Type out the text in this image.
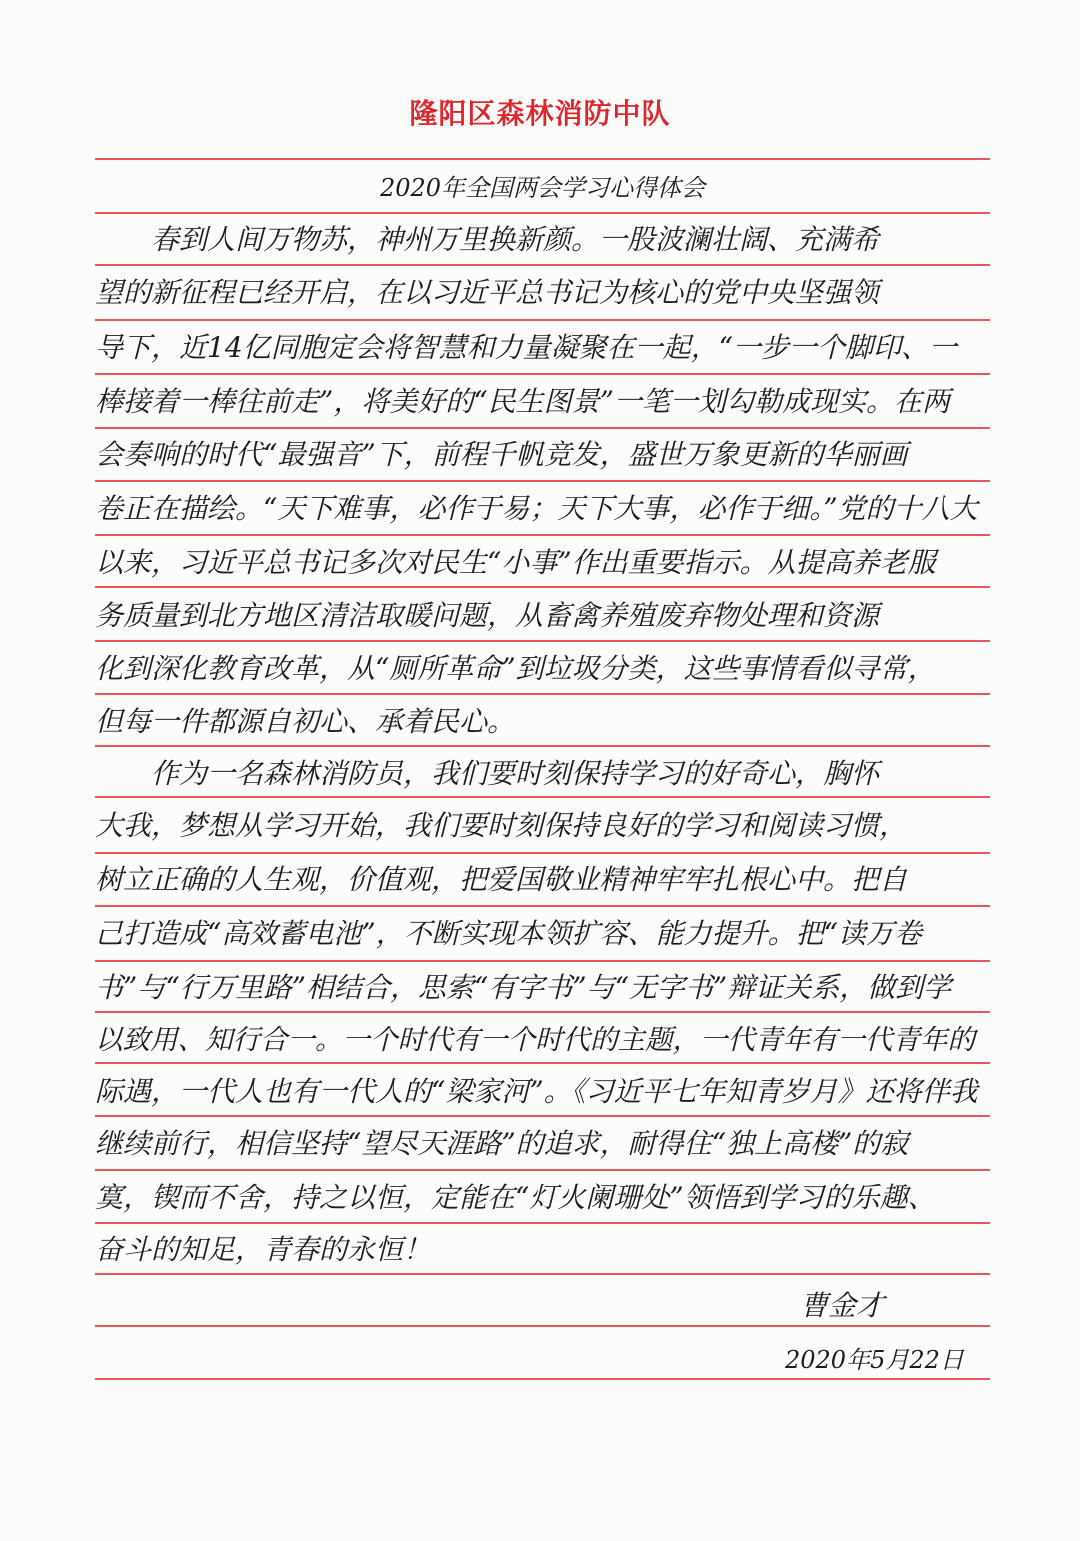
隆阳区森林消防中队
2020年全国两会学习心得体会
　　春到人间万物苏，神州万里换新颜。一股波澜壮阔、充满希
望的新征程已经开启，在以习近平总书记为核心的党中央坚强领
导下，近14亿同胞定会将智慧和力量凝聚在一起，“一步一个脚印、一
棒接着一棒往前走”，将美好的“民生图景”一笔一划勾勒成现实。在两
会奏响的时代“最强音”下，前程千帆竞发，盛世万象更新的华丽画
卷正在描绘。“天下难事，必作于易；天下大事，必作于细。”党的十八大
以来，习近平总书记多次对民生“小事”作出重要指示。从提高养老服
务质量到北方地区清洁取暖问题，从畜禽养殖废弃物处理和资源
化到深化教育改革，从“厕所革命”到垃圾分类，这些事情看似寻常，
但每一件都源自初心、承着民心。
　　作为一名森林消防员，我们要时刻保持学习的好奇心，胸怀
大我，梦想从学习开始，我们要时刻保持良好的学习和阅读习惯，
树立正确的人生观，价值观，把爱国敬业精神牢牢扎根心中。把自
己打造成“高效蓄电池”，不断实现本领扩容、能力提升。把“读万卷
书”与“行万里路”相结合，思索“有字书”与“无字书”辩证关系，做到学
以致用、知行合一。一个时代有一个时代的主题，一代青年有一代青年的
际遇，一代人也有一代人的“梁家河”。《习近平七年知青岁月》还将伴我
继续前行，相信坚持“望尽天涯路”的追求，耐得住“独上高楼”的寂
寞，锲而不舍，持之以恒，定能在“灯火阑珊处”领悟到学习的乐趣、
奋斗的知足，青春的永恒！
曹金才
2020年5月22日
